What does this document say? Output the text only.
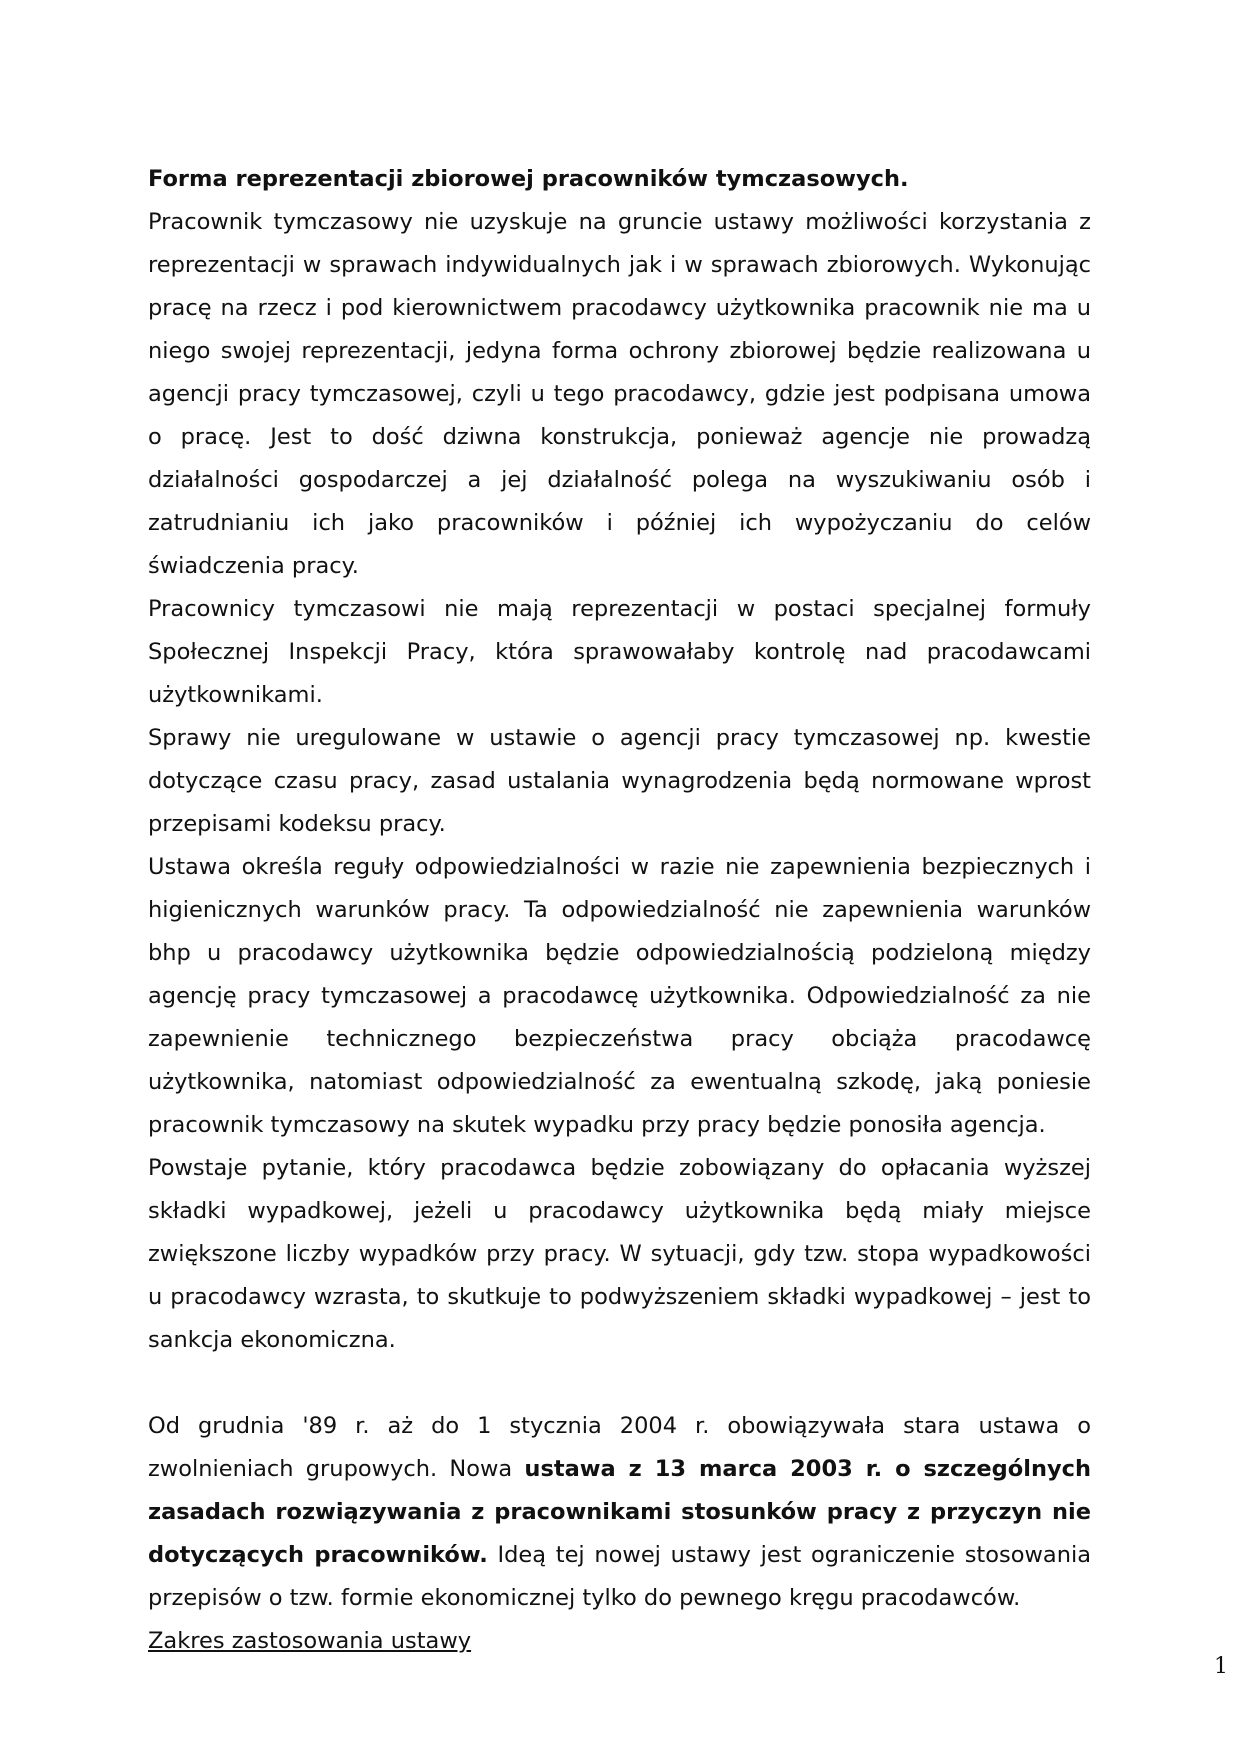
Forma reprezentacji zbiorowej pracowników tymczasowych.

Pracownik tymczasowy nie uzyskuje na gruncie ustawy możliwości korzystania z reprezentacji w sprawach indywidualnych jak i w sprawach zbiorowych. Wykonując pracę na rzecz i pod kierownictwem pracodawcy użytkownika pracownik nie ma u niego swojej reprezentacji, jedyna forma ochrony zbiorowej będzie realizowana u agencji pracy tymczasowej, czyli u tego pracodawcy, gdzie jest podpisana umowa o pracę. Jest to dość dziwna konstrukcja, ponieważ agencje nie prowadzą działalności gospodarczej a jej działalność polega na wyszukiwaniu osób i zatrudnianiu ich jako pracowników i później ich wypożyczaniu do celów świadczenia pracy.

Pracownicy tymczasowi nie mają reprezentacji w postaci specjalnej formuły Społecznej Inspekcji Pracy, która sprawowałaby kontrolę nad pracodawcami użytkownikami.

Sprawy nie uregulowane w ustawie o agencji pracy tymczasowej np. kwestie dotyczące czasu pracy, zasad ustalania wynagrodzenia będą normowane wprost przepisami kodeksu pracy.

Ustawa określa reguły odpowiedzialności w razie nie zapewnienia bezpiecznych i higienicznych warunków pracy. Ta odpowiedzialność nie zapewnienia warunków bhp u pracodawcy użytkownika będzie odpowiedzialnością podzieloną między agencję pracy tymczasowej a pracodawcę użytkownika. Odpowiedzialność za nie zapewnienie technicznego bezpieczeństwa pracy obciąża pracodawcę użytkownika, natomiast odpowiedzialność za ewentualną szkodę, jaką poniesie pracownik tymczasowy na skutek wypadku przy pracy będzie ponosiła agencja.

Powstaje pytanie, który pracodawca będzie zobowiązany do opłacania wyższej składki wypadkowej, jeżeli u pracodawcy użytkownika będą miały miejsce zwiększone liczby wypadków przy pracy. W sytuacji, gdy tzw. stopa wypadkowości u pracodawcy wzrasta, to skutkuje to podwyższeniem składki wypadkowej – jest to sankcja ekonomiczna.

Od grudnia '89 r. aż do 1 stycznia 2004 r. obowiązywała stara ustawa o zwolnieniach grupowych. Nowa ustawa z 13 marca 2003 r. o szczególnych zasadach rozwiązywania z pracownikami stosunków pracy z przyczyn nie dotyczących pracowników. Ideą tej nowej ustawy jest ograniczenie stosowania przepisów o tzw. formie ekonomicznej tylko do pewnego kręgu pracodawców.

Zakres zastosowania ustawy

1
